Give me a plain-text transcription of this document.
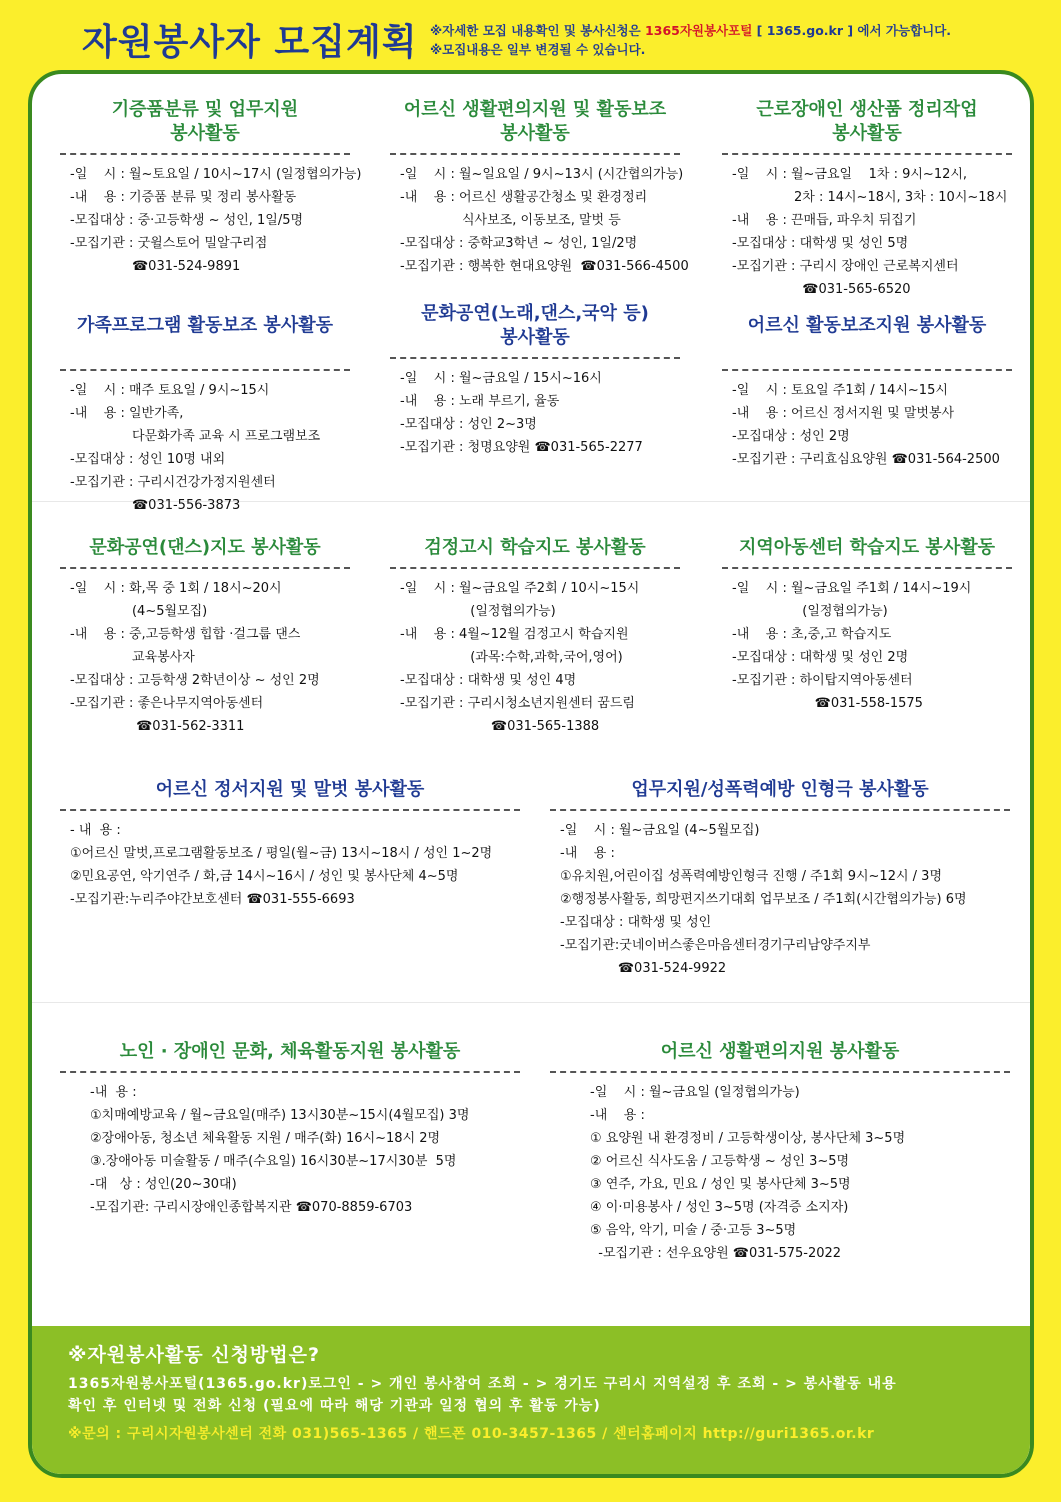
자원봉사자 모집계획 ※자세한 모집 내용확인 및 봉사신청은 1365자원봉사포털 [ 1365.go.kr ] 에서 가능합니다.
※모집내용은 일부 변경될 수 있습니다.
기증품분류 및 업무지원
봉사활동
-일    시 : 월~토요일 / 10시~17시 (일정협의가능)
-내    용 : 기증품 분류 및 정리 봉사활동
-모집대상 : 중·고등학생 ~ 성인, 1일/5명
-모집기관 : 굿윌스토어 밀알구리점
☎031-524-9891
어르신 생활편의지원 및 활동보조
봉사활동
-일    시 : 월~일요일 / 9시~13시 (시간협의가능)
-내    용 : 어르신 생활공간청소 및 환경정리
식사보조, 이동보조, 말벗 등
-모집대상 : 중학교3학년 ~ 성인, 1일/2명
-모집기관 : 행복한 현대요양원  ☎031-566-4500
근로장애인 생산품 정리작업
봉사활동
-일    시 : 월~금요일    1차 : 9시~12시,
2차 : 14시~18시, 3차 : 10시~18시
-내    용 : 끈매듭, 파우치 뒤집기
-모집대상 : 대학생 및 성인 5명
-모집기관 : 구리시 장애인 근로복지센터
☎031-565-6520
가족프로그램 활동보조 봉사활동
-일    시 : 매주 토요일 / 9시~15시
-내    용 : 일반가족,
다문화가족 교육 시 프로그램보조
-모집대상 : 성인 10명 내외
-모집기관 : 구리시건강가정지원센터
☎031-556-3873
문화공연(노래,댄스,국악 등)
봉사활동
-일    시 : 월~금요일 / 15시~16시
-내    용 : 노래 부르기, 율동
-모집대상 : 성인 2~3명
-모집기관 : 청명요양원 ☎031-565-2277
어르신 활동보조지원 봉사활동
-일    시 : 토요일 주1회 / 14시~15시
-내    용 : 어르신 정서지원 및 말벗봉사
-모집대상 : 성인 2명
-모집기관 : 구리효심요양원 ☎031-564-2500
문화공연(댄스)지도 봉사활동
-일    시 : 화,목 중 1회 / 18시~20시
(4~5월모집)
-내    용 : 중,고등학생 힙합 ·걸그룹 댄스
교육봉사자
-모집대상 : 고등학생 2학년이상 ~ 성인 2명
-모집기관 : 좋은나무지역아동센터
☎031-562-3311
검정고시 학습지도 봉사활동
-일    시 : 월~금요일 주2회 / 10시~15시
(일정협의가능)
-내    용 : 4월~12월 검정고시 학습지원
(과목:수학,과학,국어,영어)
-모집대상 : 대학생 및 성인 4명
-모집기관 : 구리시청소년지원센터 꿈드림
☎031-565-1388
지역아동센터 학습지도 봉사활동
-일    시 : 월~금요일 주1회 / 14시~19시
(일정협의가능)
-내    용 : 초,중,고 학습지도
-모집대상 : 대학생 및 성인 2명
-모집기관 : 하이탑지역아동센터
☎031-558-1575
어르신 정서지원 및 말벗 봉사활동
- 내  용 :
①어르신 말벗,프로그램활동보조 / 평일(월~금) 13시~18시 / 성인 1~2명
②민요공연, 악기연주 / 화,금 14시~16시 / 성인 및 봉사단체 4~5명
-모집기관:누리주야간보호센터 ☎031-555-6693
업무지원/성폭력예방 인형극 봉사활동
-일    시 : 월~금요일 (4~5월모집)
-내    용 :
①유치원,어린이집 성폭력예방인형극 진행 / 주1회 9시~12시 / 3명
②행정봉사활동, 희망편지쓰기대회 업무보조 / 주1회(시간협의가능) 6명
-모집대상 : 대학생 및 성인
-모집기관:굿네이버스좋은마음센터경기구리남양주지부
☎031-524-9922
노인 · 장애인 문화, 체육활동지원 봉사활동
-내  용 :
①치매예방교육 / 월~금요일(매주) 13시30분~15시(4월모집) 3명
②장애아동, 청소년 체육활동 지원 / 매주(화) 16시~18시 2명
③.장애아동 미술활동 / 매주(수요일) 16시30분~17시30분  5명
-대   상 : 성인(20~30대)
-모집기관: 구리시장애인종합복지관 ☎070-8859-6703
어르신 생활편의지원 봉사활동
-일    시 : 월~금요일 (일정협의가능)
-내    용 :
① 요양원 내 환경정비 / 고등학생이상, 봉사단체 3~5명
② 어르신 식사도움 / 고등학생 ~ 성인 3~5명
③ 연주, 가요, 민요 / 성인 및 봉사단체 3~5명
④ 이·미용봉사 / 성인 3~5명 (자격증 소지자)
⑤ 음악, 악기, 미술 / 중·고등 3~5명
-모집기관 : 선우요양원 ☎031-575-2022
※자원봉사활동 신청방법은?
1365자원봉사포털(1365.go.kr)로그인 - > 개인 봉사참여 조회 - > 경기도 구리시 지역설정 후 조회 - > 봉사활동 내용
확인 후 인터넷 및 전화 신청 (필요에 따라 해당 기관과 일정 협의 후 활동 가능)
※문의 : 구리시자원봉사센터 전화 031)565-1365 / 핸드폰 010-3457-1365 / 센터홈페이지 http://guri1365.or.kr
